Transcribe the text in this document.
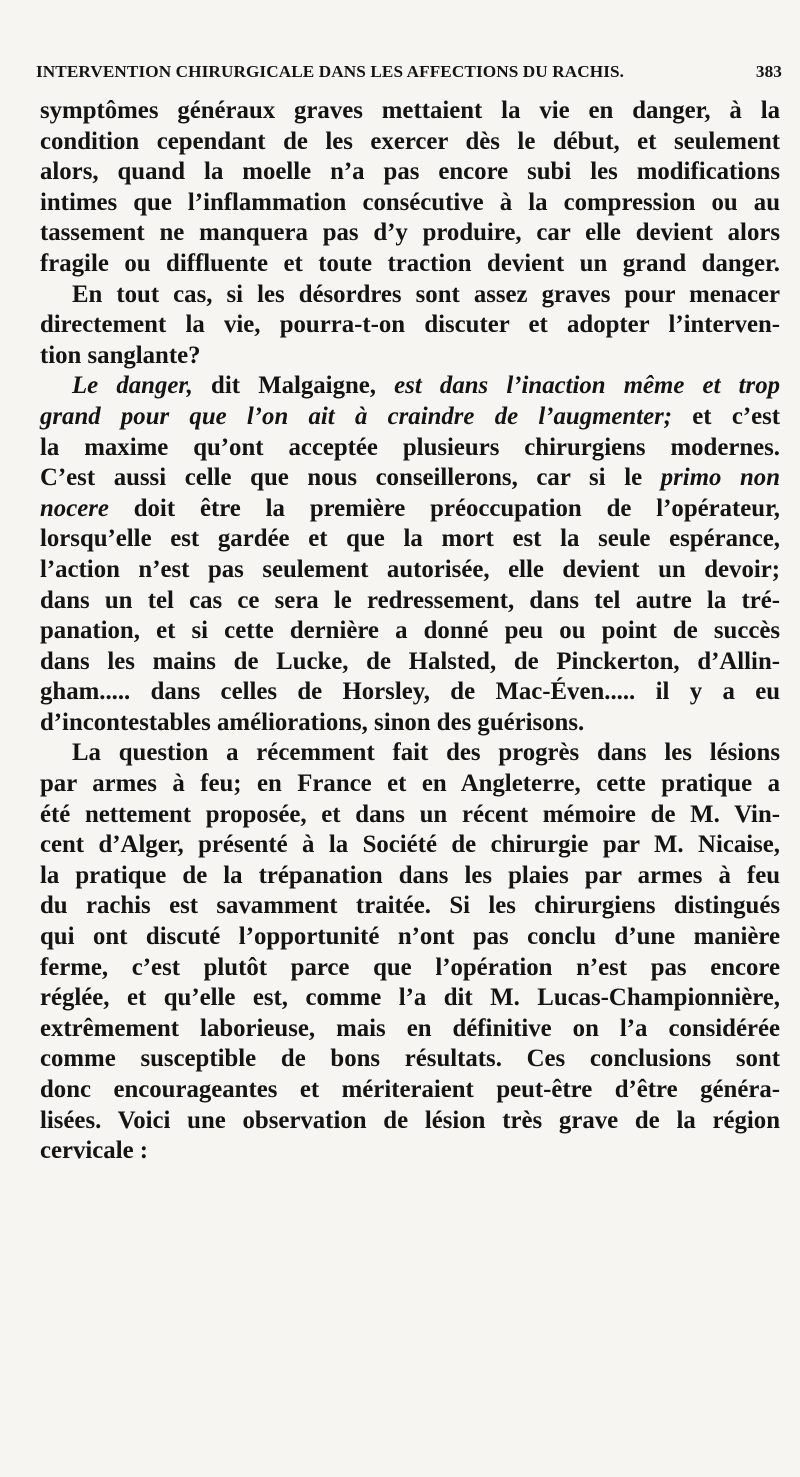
INTERVENTION CHIRURGICALE DANS LES AFFECTIONS DU RACHIS.	383
symptômes généraux graves mettaient la vie en danger, à la
condition cependant de les exercer dès le début, et seulement
alors, quand la moelle n’a pas encore subi les modifications
intimes que l’inflammation consécutive à la compression ou au
tassement ne manquera pas d’y produire, car elle devient alors
fragile ou diffluente et toute traction devient un grand danger.
En tout cas, si les désordres sont assez graves pour menacer
directement la vie, pourra-t-on discuter et adopter l’interven-
tion sanglante?
Le danger, dit Malgaigne, est dans l’inaction même et trop
grand pour que l’on ait à craindre de l’augmenter; et c’est
la maxime qu’ont acceptée plusieurs chirurgiens modernes.
C’est aussi celle que nous conseillerons, car si le primo non
nocere doit être la première préoccupation de l’opérateur,
lorsqu’elle est gardée et que la mort est la seule espérance,
l’action n’est pas seulement autorisée, elle devient un devoir;
dans un tel cas ce sera le redressement, dans tel autre la tré-
panation, et si cette dernière a donné peu ou point de succès
dans les mains de Lucke, de Halsted, de Pinckerton, d’Allin-
gham..... dans celles de Horsley, de Mac-Éven..... il y a eu
d’incontestables améliorations, sinon des guérisons.
La question a récemment fait des progrès dans les lésions
par armes à feu; en France et en Angleterre, cette pratique a
été nettement proposée, et dans un récent mémoire de M. Vin-
cent d’Alger, présenté à la Société de chirurgie par M. Nicaise,
la pratique de la trépanation dans les plaies par armes à feu
du rachis est savamment traitée. Si les chirurgiens distingués
qui ont discuté l’opportunité n’ont pas conclu d’une manière
ferme, c’est plutôt parce que l’opération n’est pas encore
réglée, et qu’elle est, comme l’a dit M. Lucas-Championnière,
extrêmement laborieuse, mais en définitive on l’a considérée
comme susceptible de bons résultats. Ces conclusions sont
donc encourageantes et mériteraient peut-être d’être généra-
lisées. Voici une observation de lésion très grave de la région
cervicale :
